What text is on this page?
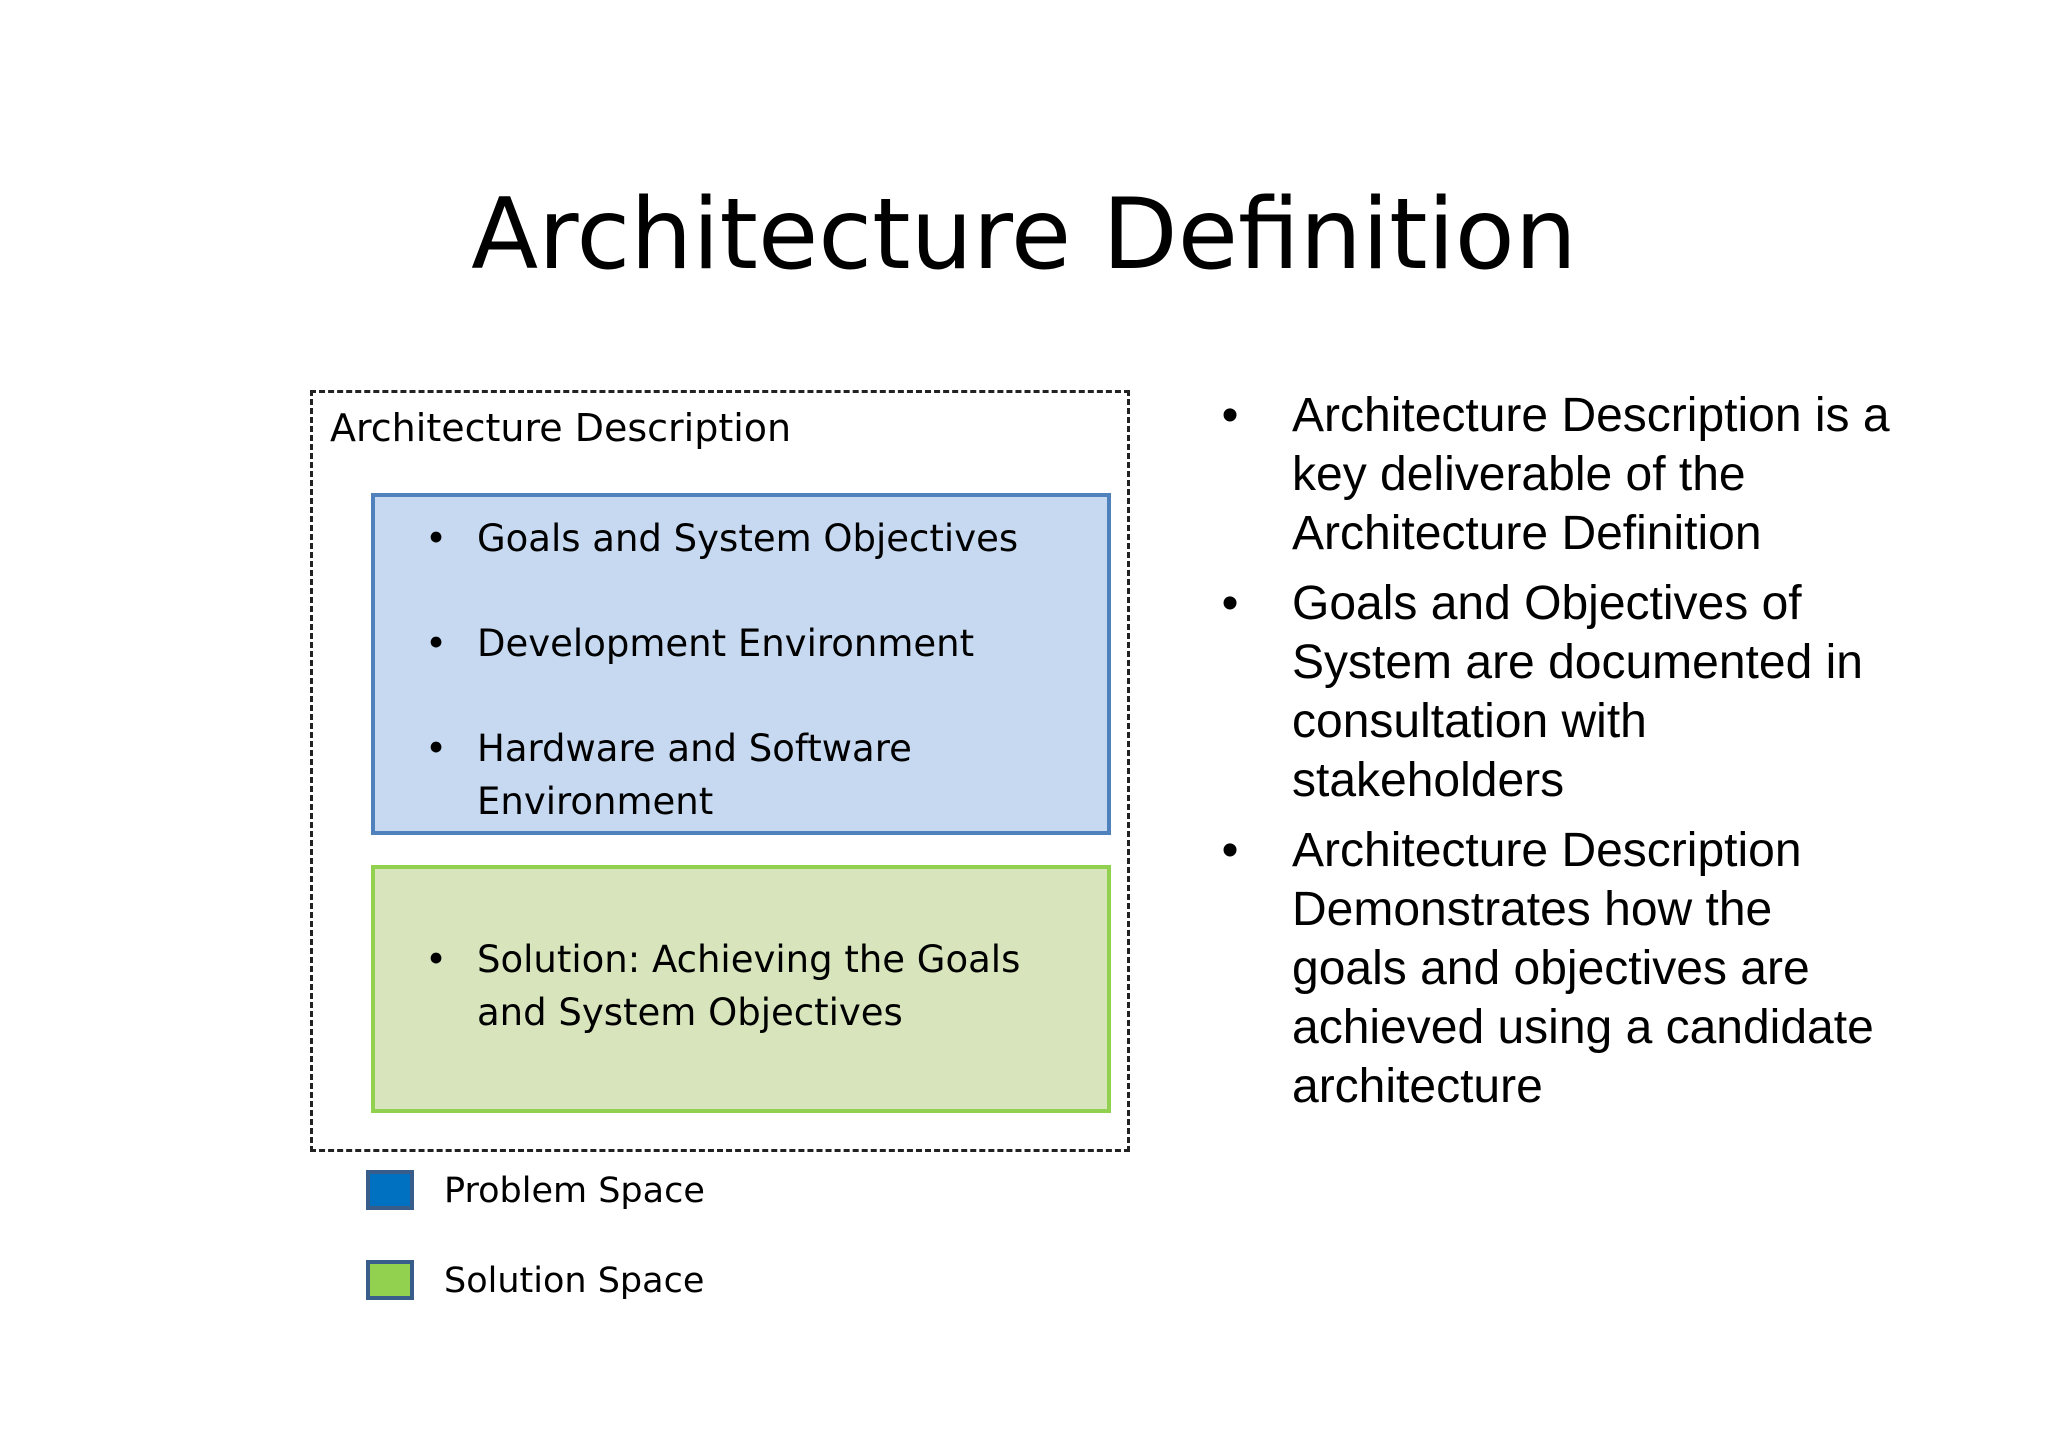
Architecture Definition
Architecture Description
• Goals and System Objectives
• Development Environment
• Hardware and Software Environment
• Solution: Achieving the Goals and System Objectives
Problem Space
Solution Space
• Architecture Description is a key deliverable of the Architecture Definition
• Goals and Objectives of System are documented in consultation with stakeholders
• Architecture Description Demonstrates how the goals and objectives are achieved using a candidate architecture
